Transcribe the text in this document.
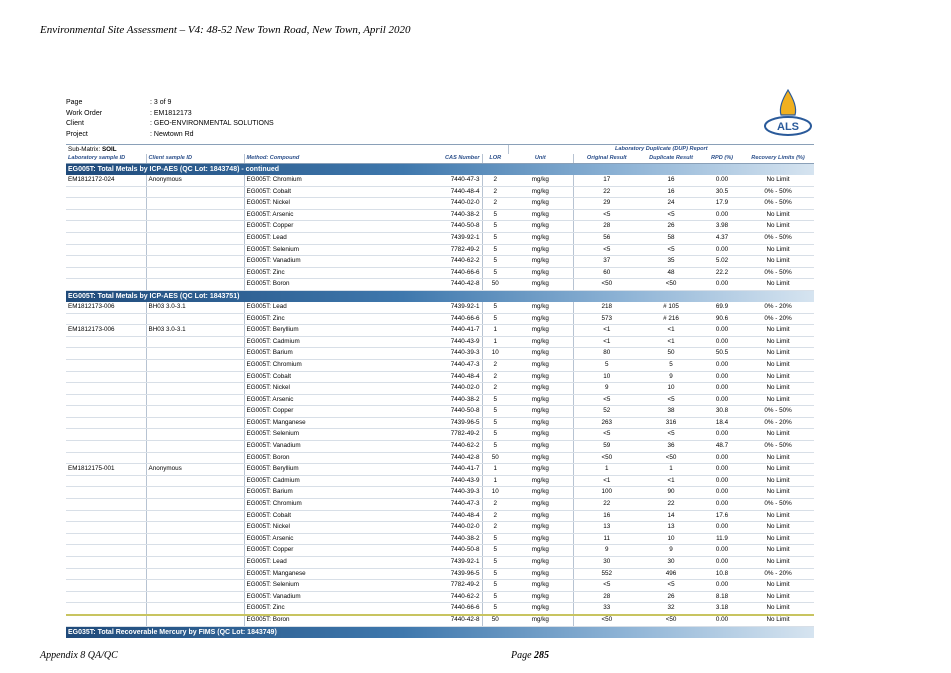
Environmental Site Assessment – V4: 48-52 New Town Road, New Town, April 2020
Page	: 3 of 9
Work Order	: EM1812173
Client	: GEO-ENVIRONMENTAL SOLUTIONS
Project	: Newtown Rd
ALS
Sub-Matrix: SOIL					Laboratory Duplicate (DUP) Report				
Laboratory sample ID	Client sample ID	Method: Compound	CAS Number	LOR	Unit	Original Result	Duplicate Result	RPD (%)	Recovery Limits (%)
EG005T: Total Metals by ICP-AES (QC Lot: 1843748) - continued									
EM1812172-024	Anonymous	EG005T: Chromium	7440-47-3	2	mg/kg	17	16	0.00	No Limit
		EG005T: Cobalt	7440-48-4	2	mg/kg	22	16	30.5	0% - 50%
		EG005T: Nickel	7440-02-0	2	mg/kg	29	24	17.9	0% - 50%
		EG005T: Arsenic	7440-38-2	5	mg/kg	<5	<5	0.00	No Limit
		EG005T: Copper	7440-50-8	5	mg/kg	28	26	3.98	No Limit
		EG005T: Lead	7439-92-1	5	mg/kg	56	58	4.37	0% - 50%
		EG005T: Selenium	7782-49-2	5	mg/kg	<5	<5	0.00	No Limit
		EG005T: Vanadium	7440-62-2	5	mg/kg	37	35	5.02	No Limit
		EG005T: Zinc	7440-66-6	5	mg/kg	60	48	22.2	0% - 50%
		EG005T: Boron	7440-42-8	50	mg/kg	<50	<50	0.00	No Limit
EG005T: Total Metals by ICP-AES (QC Lot: 1843751)									
EM1812173-006	BH03 3.0-3.1	EG005T: Lead	7439-92-1	5	mg/kg	218	# 105	69.9	0% - 20%
		EG005T: Zinc	7440-66-6	5	mg/kg	573	# 216	90.6	0% - 20%
EM1812173-006	BH03 3.0-3.1	EG005T: Beryllium	7440-41-7	1	mg/kg	<1	<1	0.00	No Limit
		EG005T: Cadmium	7440-43-9	1	mg/kg	<1	<1	0.00	No Limit
		EG005T: Barium	7440-39-3	10	mg/kg	80	50	50.5	No Limit
		EG005T: Chromium	7440-47-3	2	mg/kg	5	5	0.00	No Limit
		EG005T: Cobalt	7440-48-4	2	mg/kg	10	9	0.00	No Limit
		EG005T: Nickel	7440-02-0	2	mg/kg	9	10	0.00	No Limit
		EG005T: Arsenic	7440-38-2	5	mg/kg	<5	<5	0.00	No Limit
		EG005T: Copper	7440-50-8	5	mg/kg	52	38	30.8	0% - 50%
		EG005T: Manganese	7439-96-5	5	mg/kg	263	316	18.4	0% - 20%
		EG005T: Selenium	7782-49-2	5	mg/kg	<5	<5	0.00	No Limit
		EG005T: Vanadium	7440-62-2	5	mg/kg	59	36	48.7	0% - 50%
		EG005T: Boron	7440-42-8	50	mg/kg	<50	<50	0.00	No Limit
EM1812175-001	Anonymous	EG005T: Beryllium	7440-41-7	1	mg/kg	1	1	0.00	No Limit
		EG005T: Cadmium	7440-43-9	1	mg/kg	<1	<1	0.00	No Limit
		EG005T: Barium	7440-39-3	10	mg/kg	100	90	0.00	No Limit
		EG005T: Chromium	7440-47-3	2	mg/kg	22	22	0.00	0% - 50%
		EG005T: Cobalt	7440-48-4	2	mg/kg	16	14	17.6	No Limit
		EG005T: Nickel	7440-02-0	2	mg/kg	13	13	0.00	No Limit
		EG005T: Arsenic	7440-38-2	5	mg/kg	11	10	11.9	No Limit
		EG005T: Copper	7440-50-8	5	mg/kg	9	9	0.00	No Limit
		EG005T: Lead	7439-92-1	5	mg/kg	30	30	0.00	No Limit
		EG005T: Manganese	7439-96-5	5	mg/kg	552	496	10.8	0% - 20%
		EG005T: Selenium	7782-49-2	5	mg/kg	<5	<5	0.00	No Limit
		EG005T: Vanadium	7440-62-2	5	mg/kg	28	26	8.18	No Limit
		EG005T: Zinc	7440-66-6	5	mg/kg	33	32	3.18	No Limit
		EG005T: Boron	7440-42-8	50	mg/kg	<50	<50	0.00	No Limit
EG035T: Total Recoverable Mercury by FIMS (QC Lot: 1843749)									
Appendix 8 QA/QC	Page 285
